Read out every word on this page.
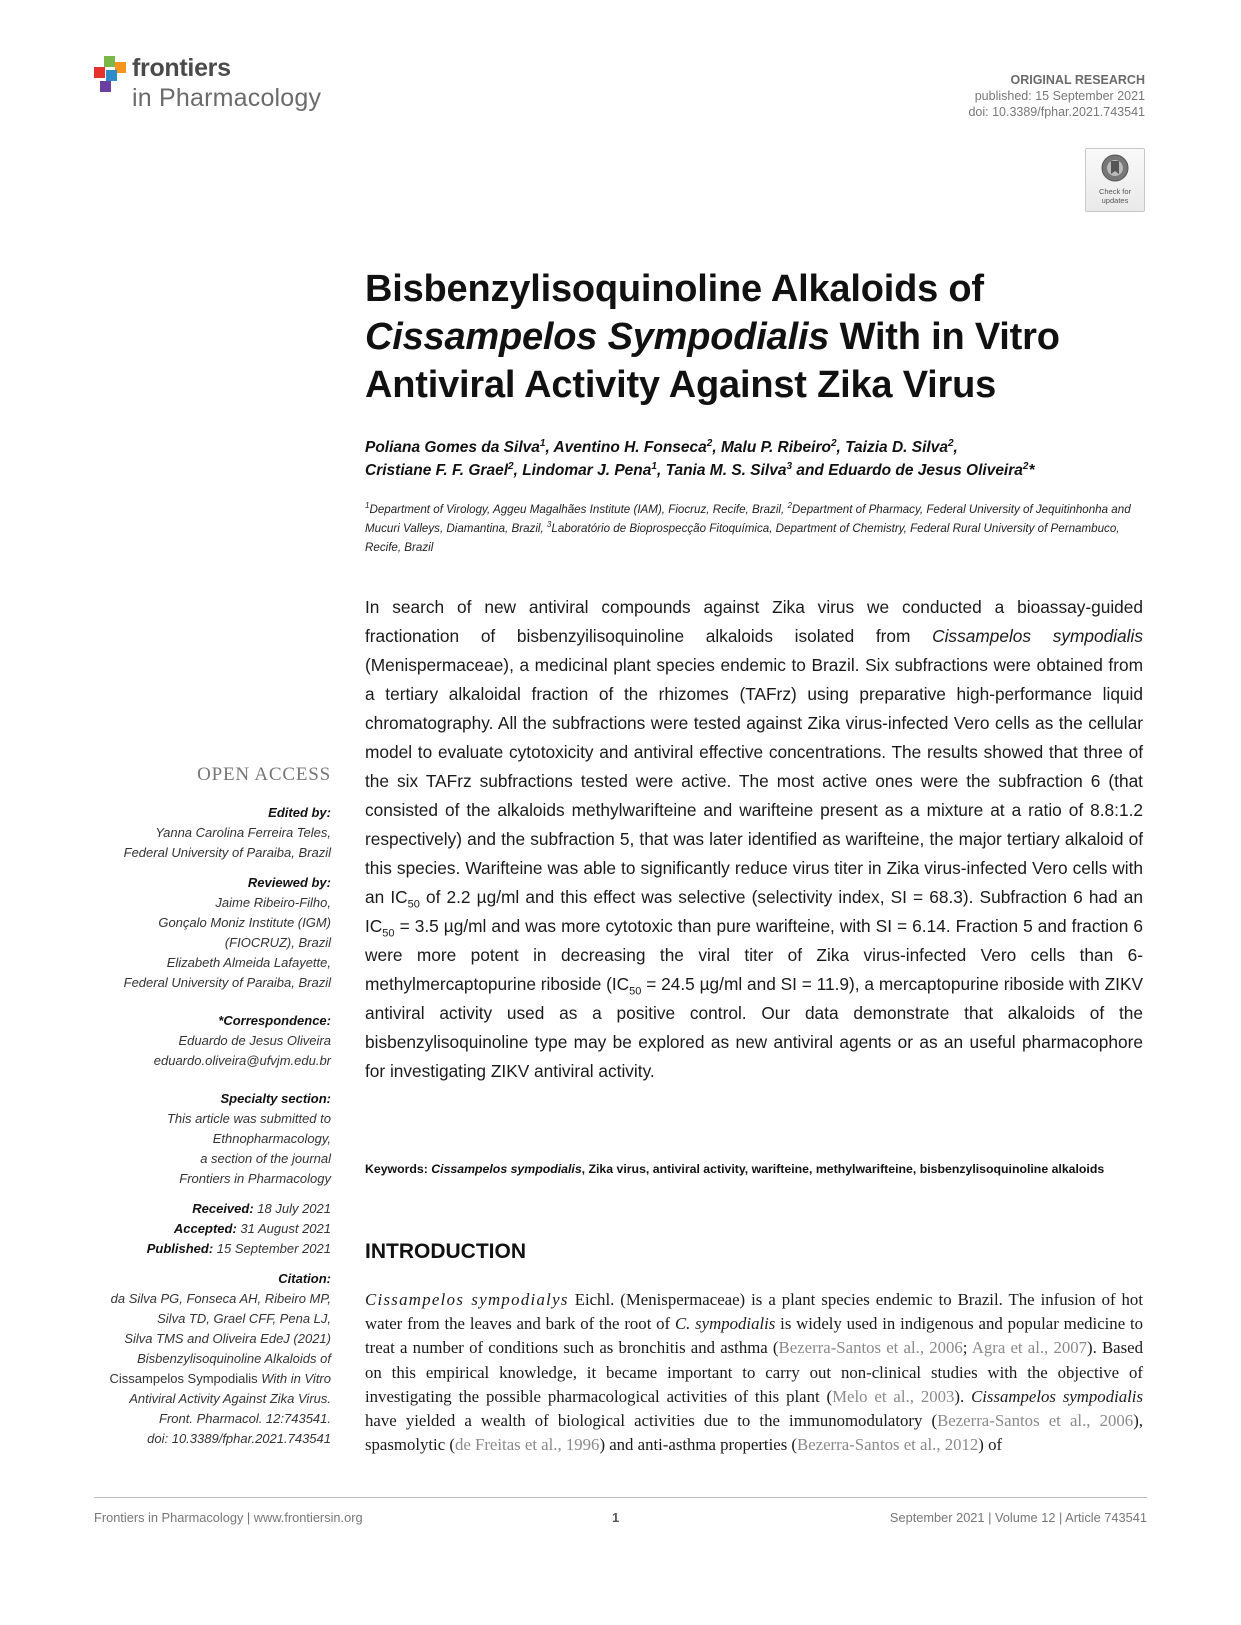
frontiers
in Pharmacology
ORIGINAL RESEARCH
published: 15 September 2021
doi: 10.3389/fphar.2021.743541
Check for
updates
Bisbenzylisoquinoline Alkaloids of
Cissampelos Sympodialis With in Vitro
Antiviral Activity Against Zika Virus
Poliana Gomes da Silva$^1$, Aventino H. Fonseca$^2$, Malu P. Ribeiro$^2$, Taizia D. Silva$^2$,
Cristiane F. F. Grael$^2$, Lindomar J. Pena$^1$, Tania M. S. Silva$^3$ and Eduardo de Jesus Oliveira$^2$*
$^1$Department of Virology, Aggeu Magalhães Institute (IAM), Fiocruz, Recife, Brazil, $^2$Department of Pharmacy, Federal University of Jequitinhonha and Mucuri Valleys, Diamantina, Brazil, $^3$Laboratório de Bioprospecção Fitoquímica, Department of Chemistry, Federal Rural University of Pernambuco, Recife, Brazil
In search of new antiviral compounds against Zika virus we conducted a bioassay-guided fractionation of bisbenzyilisoquinoline alkaloids isolated from Cissampelos sympodialis (Menispermaceae), a medicinal plant species endemic to Brazil. Six subfractions were obtained from a tertiary alkaloidal fraction of the rhizomes (TAFrz) using preparative high-performance liquid chromatography. All the subfractions were tested against Zika virus-infected Vero cells as the cellular model to evaluate cytotoxicity and antiviral effective concentrations. The results showed that three of the six TAFrz subfractions tested were active. The most active ones were the subfraction 6 (that consisted of the alkaloids methylwarifteine and warifteine present as a mixture at a ratio of 8.8:1.2 respectively) and the subfraction 5, that was later identified as warifteine, the major tertiary alkaloid of this species. Warifteine was able to significantly reduce virus titer in Zika virus-infected Vero cells with an $IC_{50}$ of 2.2 µg/ml and this effect was selective (selectivity index, SI = 68.3). Subfraction 6 had an $IC_{50} = 3.5$ µg/ml and was more cytotoxic than pure warifteine, with SI = 6.14. Fraction 5 and fraction 6 were more potent in decreasing the viral titer of Zika virus-infected Vero cells than 6-methylmercaptopurine riboside ($IC_{50} = 24.5$ µg/ml and SI = 11.9), a mercaptopurine riboside with ZIKV antiviral activity used as a positive control. Our data demonstrate that alkaloids of the bisbenzylisoquinoline type may be explored as new antiviral agents or as an useful pharmacophore for investigating ZIKV antiviral activity.
Keywords: Cissampelos sympodialis, Zika virus, antiviral activity, warifteine, methylwarifteine, bisbenzylisoquinoline alkaloids
INTRODUCTION
Cissampelos sympodialys Eichl. (Menispermaceae) is a plant species endemic to Brazil. The infusion of hot water from the leaves and bark of the root of C. sympodialis is widely used in indigenous and popular medicine to treat a number of conditions such as bronchitis and asthma (Bezerra-Santos et al., 2006; Agra et al., 2007). Based on this empirical knowledge, it became important to carry out non-clinical studies with the objective of investigating the possible pharmacological activities of this plant (Melo et al., 2003). Cissampelos sympodialis have yielded a wealth of biological activities due to the immunomodulatory (Bezerra-Santos et al., 2006), spasmolytic (de Freitas et al., 1996) and anti-asthma properties (Bezerra-Santos et al., 2012) of
OPEN ACCESS
Edited by:
Yanna Carolina Ferreira Teles,
Federal University of Paraiba, Brazil
Reviewed by:
Jaime Ribeiro-Filho,
Gonçalo Moniz Institute (IGM)
(FIOCRUZ), Brazil
Elizabeth Almeida Lafayette,
Federal University of Paraiba, Brazil
*Correspondence:
Eduardo de Jesus Oliveira
eduardo.oliveira@ufvjm.edu.br
Specialty section:
This article was submitted to
Ethnopharmacology,
a section of the journal
Frontiers in Pharmacology
Received: 18 July 2021
Accepted: 31 August 2021
Published: 15 September 2021
Citation:
da Silva PG, Fonseca AH, Ribeiro MP,
Silva TD, Grael CFF, Pena LJ,
Silva TMS and Oliveira EdeJ (2021)
Bisbenzylisoquinoline Alkaloids of
Cissampelos Sympodialis With in Vitro
Antiviral Activity Against Zika Virus.
Front. Pharmacol. 12:743541.
doi: 10.3389/fphar.2021.743541
Frontiers in Pharmacology | www.frontiersin.org	1	September 2021 | Volume 12 | Article 743541
